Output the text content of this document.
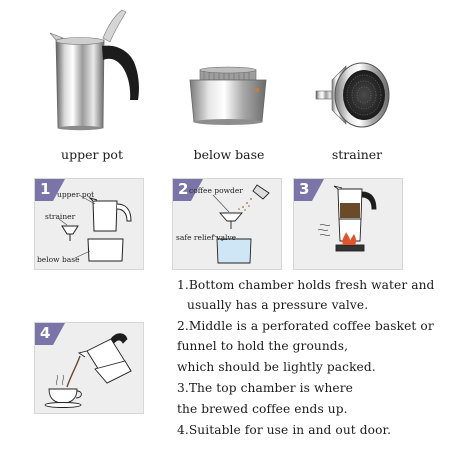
upper pot	below base	strainer
1 upper pot
strainer
below base
2 coffee powder
safe relief valve
3
4
1.Bottom chamber holds fresh water and
usually has a pressure valve.
2.Middle is a perforated coffee basket or
funnel to hold the grounds,
which should be lightly packed.
3.The top chamber is where
the brewed coffee ends up.
4.Suitable for use in and out door.
